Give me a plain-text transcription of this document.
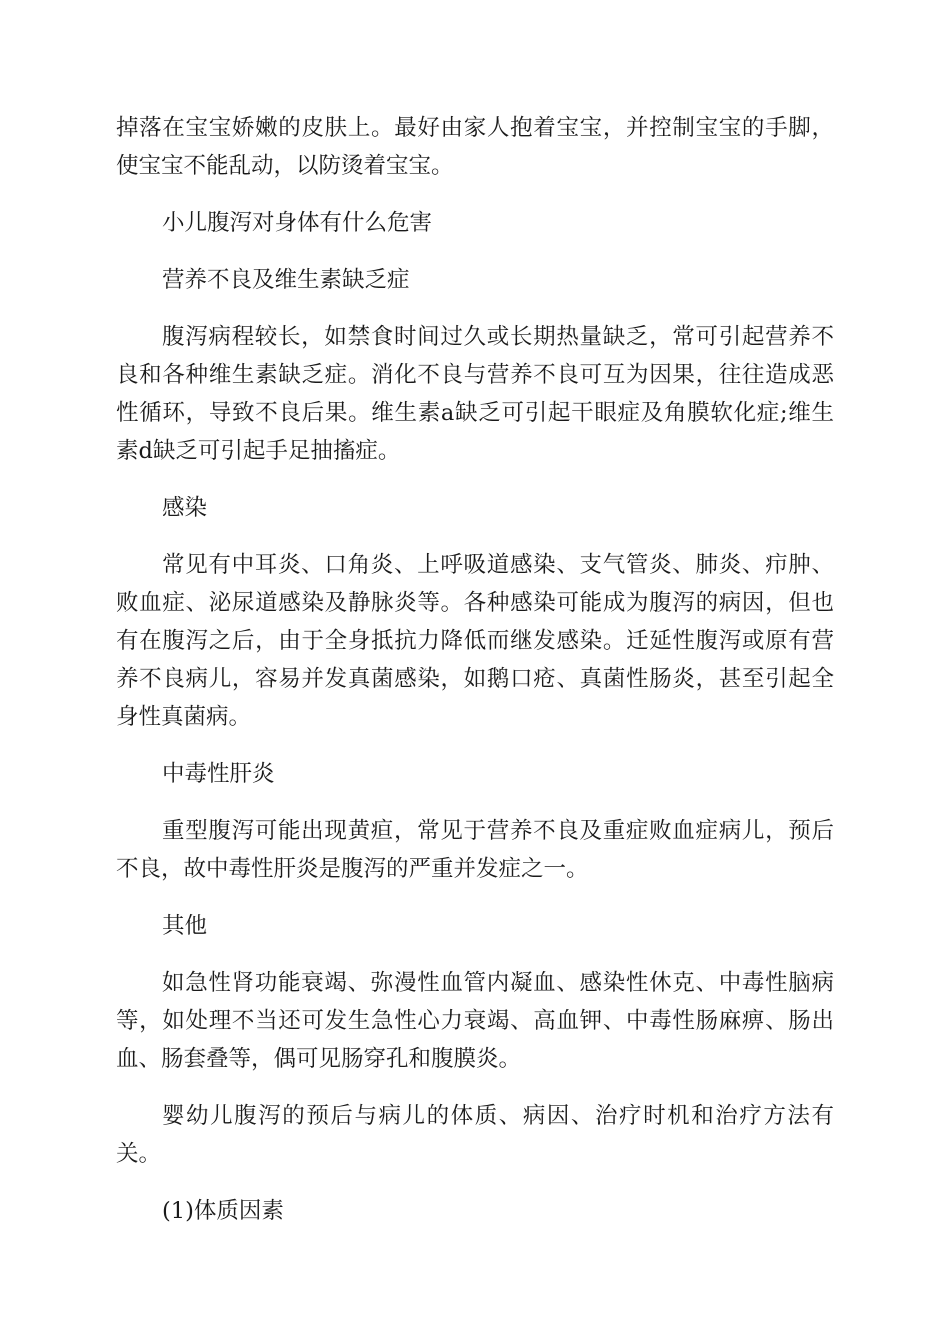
掉落在宝宝娇嫩的皮肤上。最好由家人抱着宝宝，并控制宝宝的手脚，使宝宝不能乱动，以防烫着宝宝。

小儿腹泻对身体有什么危害

营养不良及维生素缺乏症

腹泻病程较长，如禁食时间过久或长期热量缺乏，常可引起营养不良和各种维生素缺乏症。消化不良与营养不良可互为因果，往往造成恶性循环，导致不良后果。维生素a缺乏可引起干眼症及角膜软化症;维生素d缺乏可引起手足抽搐症。

感染

常见有中耳炎、口角炎、上呼吸道感染、支气管炎、肺炎、疖肿、败血症、泌尿道感染及静脉炎等。各种感染可能成为腹泻的病因，但也有在腹泻之后，由于全身抵抗力降低而继发感染。迁延性腹泻或原有营养不良病儿，容易并发真菌感染，如鹅口疮、真菌性肠炎，甚至引起全身性真菌病。

中毒性肝炎

重型腹泻可能出现黄疸，常见于营养不良及重症败血症病儿，预后不良，故中毒性肝炎是腹泻的严重并发症之一。

其他

如急性肾功能衰竭、弥漫性血管内凝血、感染性休克、中毒性脑病等，如处理不当还可发生急性心力衰竭、高血钾、中毒性肠麻痹、肠出血、肠套叠等，偶可见肠穿孔和腹膜炎。

婴幼儿腹泻的预后与病儿的体质、病因、治疗时机和治疗方法有关。

(1)体质因素
